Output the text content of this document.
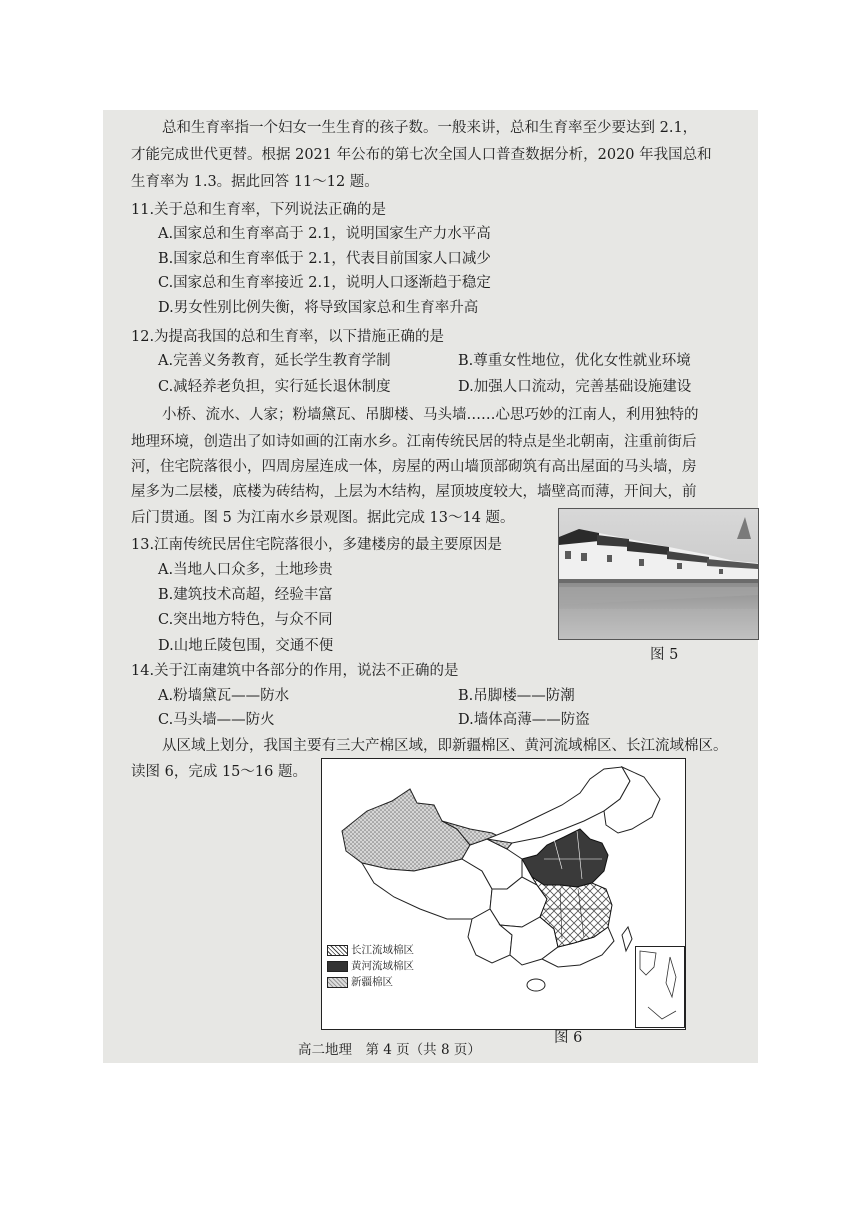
总和生育率指一个妇女一生生育的孩子数。一般来讲，总和生育率至少要达到 2.1，
才能完成世代更替。根据 2021 年公布的第七次全国人口普查数据分析，2020 年我国总和
生育率为 1.3。据此回答 11～12 题。
11.关于总和生育率，下列说法正确的是
A.国家总和生育率高于 2.1，说明国家生产力水平高
B.国家总和生育率低于 2.1，代表目前国家人口减少
C.国家总和生育率接近 2.1，说明人口逐渐趋于稳定
D.男女性别比例失衡，将导致国家总和生育率升高
12.为提高我国的总和生育率，以下措施正确的是
A.完善义务教育，延长学生教育学制	B.尊重女性地位，优化女性就业环境
C.减轻养老负担，实行延长退休制度	D.加强人口流动，完善基础设施建设
小桥、流水、人家；粉墙黛瓦、吊脚楼、马头墙……心思巧妙的江南人，利用独特的
地理环境，创造出了如诗如画的江南水乡。江南传统民居的特点是坐北朝南，注重前街后
河，住宅院落很小，四周房屋连成一体，房屋的两山墙顶部砌筑有高出屋面的马头墙，房
屋多为二层楼，底楼为砖结构，上层为木结构，屋顶坡度较大，墙壁高而薄，开间大，前
后门贯通。图 5 为江南水乡景观图。据此完成 13～14 题。
13.江南传统民居住宅院落很小，多建楼房的最主要原因是
A.当地人口众多，土地珍贵
B.建筑技术高超，经验丰富
C.突出地方特色，与众不同
D.山地丘陵包围，交通不便
图 5
14.关于江南建筑中各部分的作用，说法不正确的是
A.粉墙黛瓦——防水	B.吊脚楼——防潮
C.马头墙——防火	D.墙体高薄——防盗
从区域上划分，我国主要有三大产棉区域，即新疆棉区、黄河流域棉区、长江流域棉区。
读图 6，完成 15～16 题。
长江流域棉区
黄河流域棉区
新疆棉区
图 6
高二地理　第 4 页（共 8 页）
